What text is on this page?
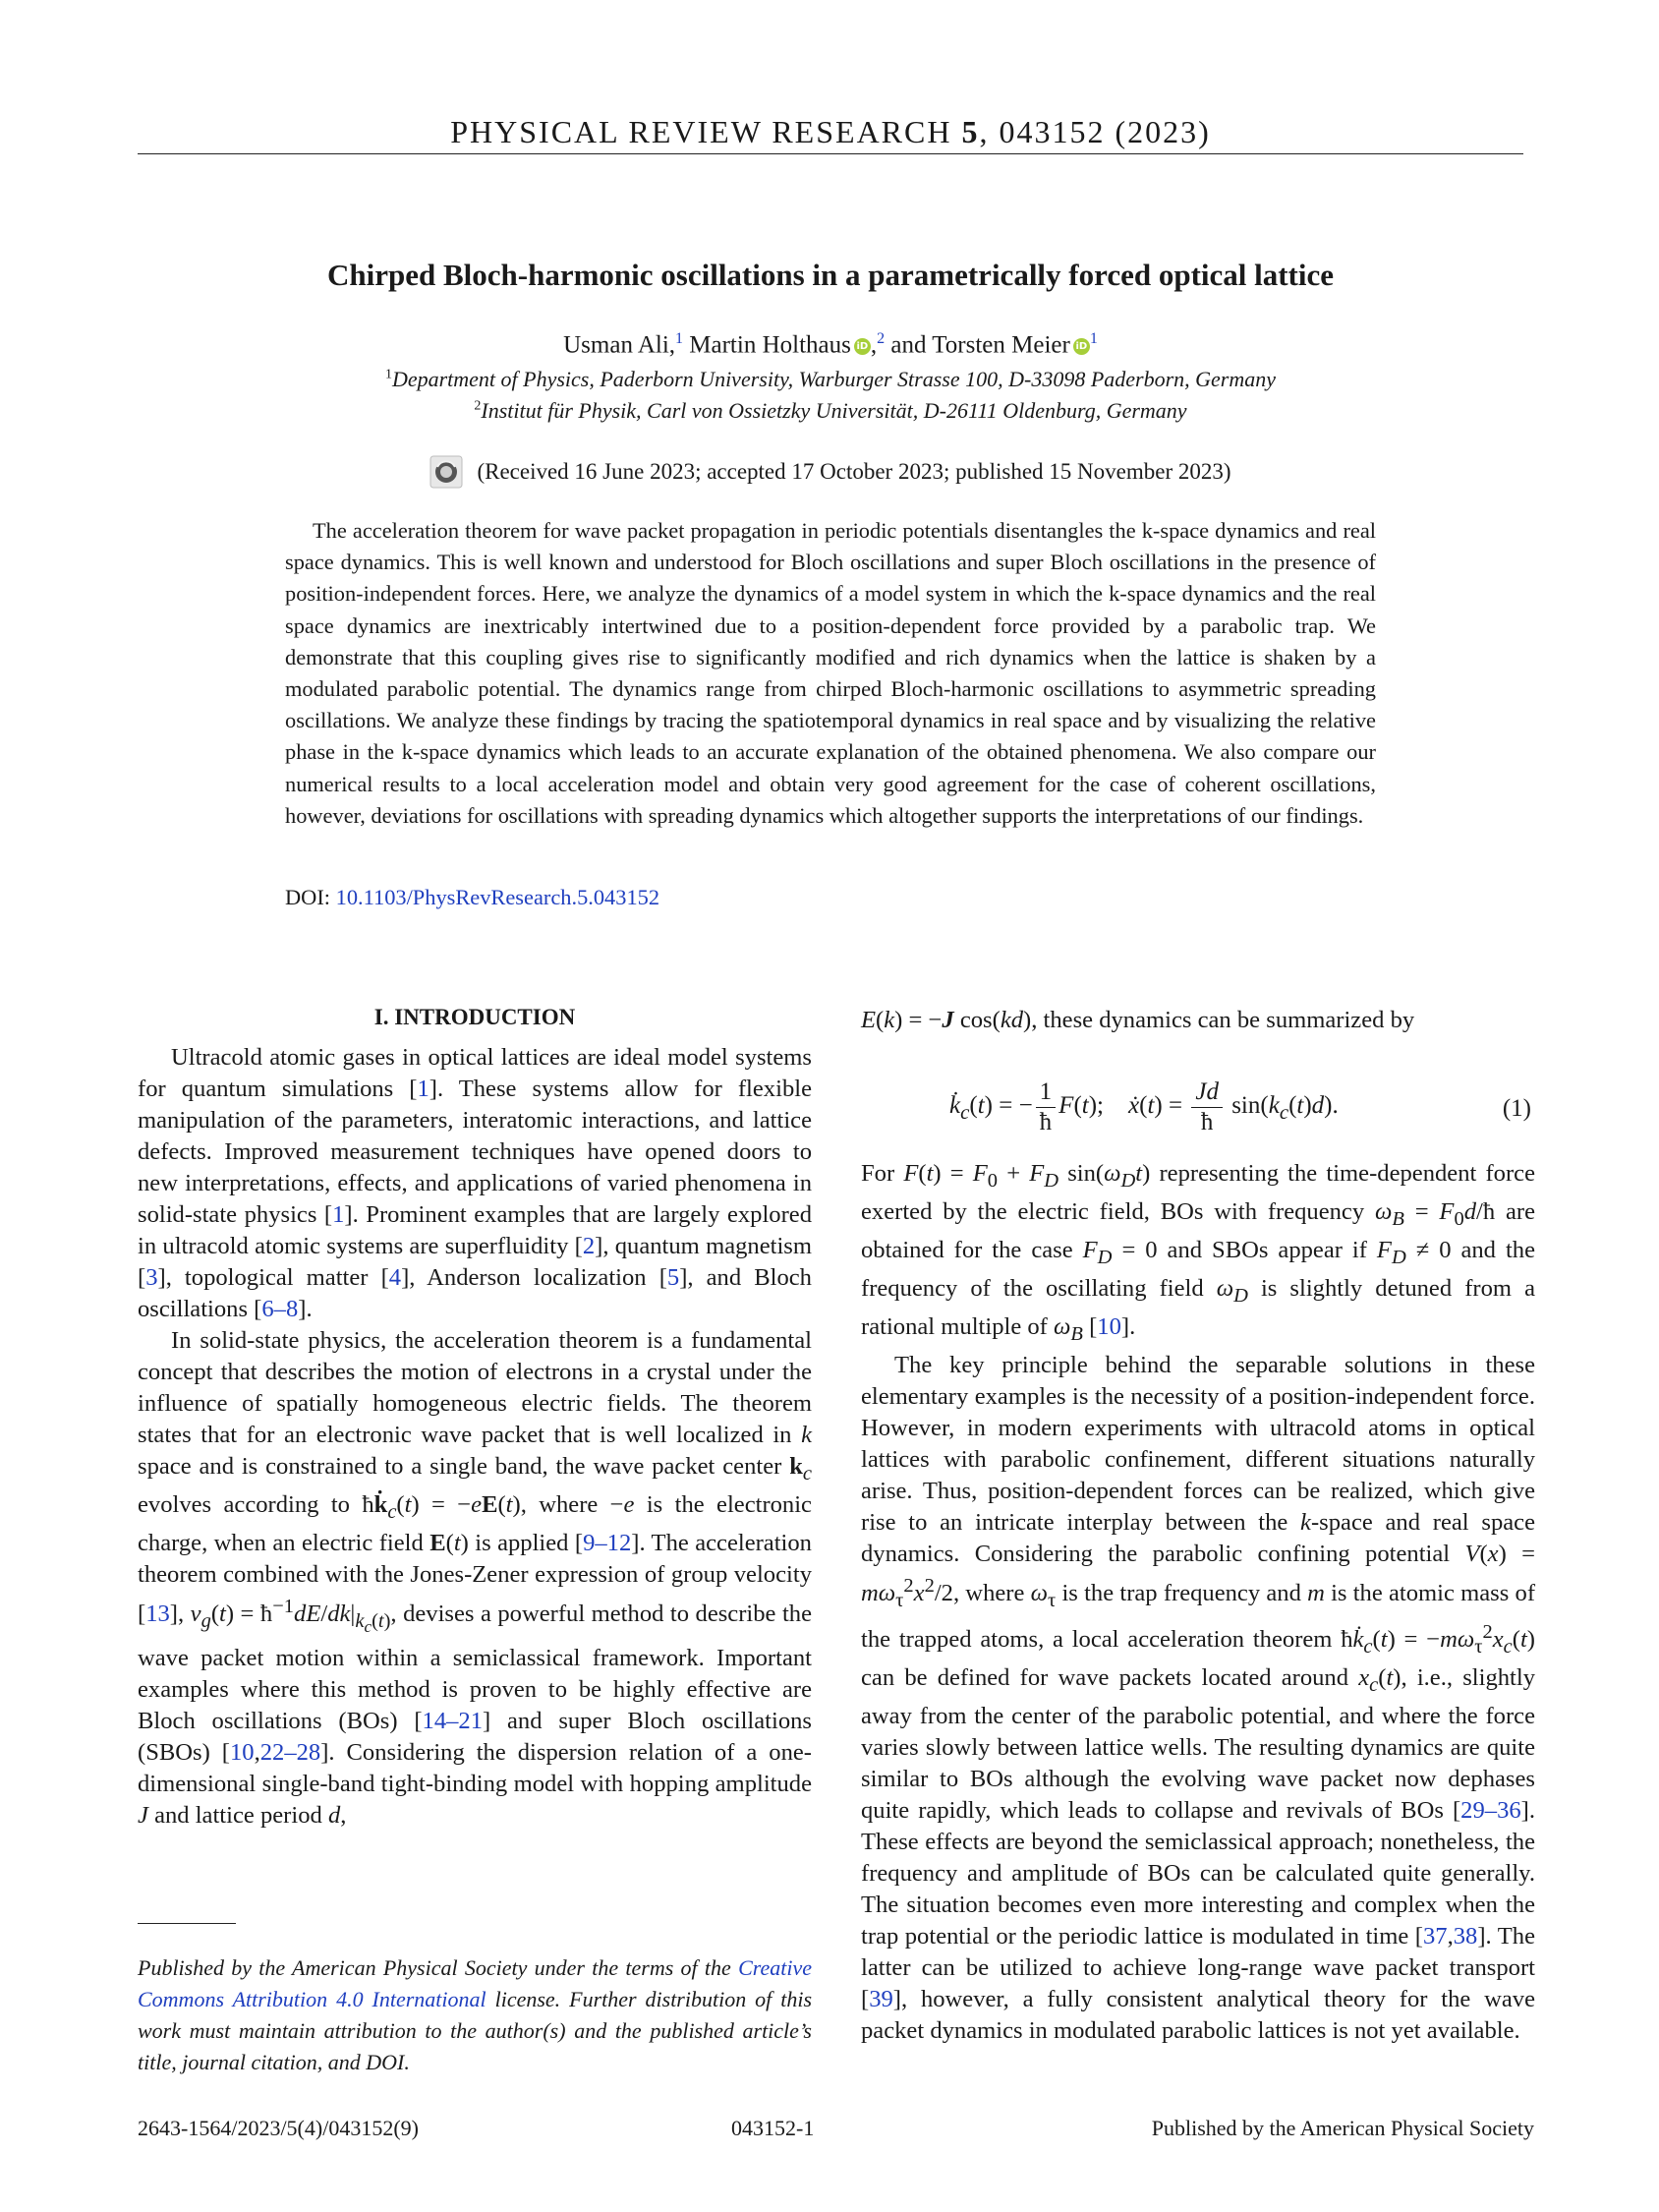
PHYSICAL REVIEW RESEARCH 5, 043152 (2023)
Chirped Bloch-harmonic oscillations in a parametrically forced optical lattice
Usman Ali,$^1$ Martin Holthaus iD ,$^2$ and Torsten Meier iD $^1$
$^1$Department of Physics, Paderborn University, Warburger Strasse 100, D-33098 Paderborn, Germany
$^2$Institut für Physik, Carl von Ossietzky Universität, D-26111 Oldenburg, Germany
(Received 16 June 2023; accepted 17 October 2023; published 15 November 2023)
The acceleration theorem for wave packet propagation in periodic potentials disentangles the k-space dynamics and real space dynamics. This is well known and understood for Bloch oscillations and super Bloch oscillations in the presence of position-independent forces. Here, we analyze the dynamics of a model system in which the k-space dynamics and the real space dynamics are inextricably intertwined due to a position-dependent force provided by a parabolic trap. We demonstrate that this coupling gives rise to significantly modified and rich dynamics when the lattice is shaken by a modulated parabolic potential. The dynamics range from chirped Bloch-harmonic oscillations to asymmetric spreading oscillations. We analyze these findings by tracing the spatiotemporal dynamics in real space and by visualizing the relative phase in the k-space dynamics which leads to an accurate explanation of the obtained phenomena. We also compare our numerical results to a local acceleration model and obtain very good agreement for the case of coherent oscillations, however, deviations for oscillations with spreading dynamics which altogether supports the interpretations of our findings.
DOI: 10.1103/PhysRevResearch.5.043152
I. INTRODUCTION

Ultracold atomic gases in optical lattices are ideal model systems for quantum simulations [1]. These systems allow for flexible manipulation of the parameters, interatomic interactions, and lattice defects. Improved measurement techniques have opened doors to new interpretations, effects, and applications of varied phenomena in solid-state physics [1]. Prominent examples that are largely explored in ultracold atomic systems are superfluidity [2], quantum magnetism [3], topological matter [4], Anderson localization [5], and Bloch oscillations [6–8].

In solid-state physics, the acceleration theorem is a fundamental concept that describes the motion of electrons in a crystal under the influence of spatially homogeneous electric fields. The theorem states that for an electronic wave packet that is well localized in k space and is constrained to a single band, the wave packet center $k_c$ evolves according to $ħk̇_c(t) = -eE(t)$, where −e is the electronic charge, when an electric field E(t) is applied [9–12]. The acceleration theorem combined with the Jones-Zener expression of group velocity [13], $v_g(t)$ = $ħ^{-1}dE/dk|_{k_c(t)}$, devises a powerful method to describe the wave packet motion within a semiclassical framework. Important examples where this method is proven to be highly effective are Bloch oscillations (BOs) [14–21] and super Bloch oscillations (SBOs) [10,22–28]. Considering the dispersion relation of a one-dimensional single-band tight-binding model with hopping amplitude J and lattice period d,

Published by the American Physical Society under the terms of the Creative Commons Attribution 4.0 International license. Further distribution of this work must maintain attribution to the author(s) and the published article’s title, journal citation, and DOI.
E(k) = −J cos(kd), these dynamics can be summarized by
$k̇_c(t)$ = − $\frac{1}{ħ} F(t)$;    ẋ(t) = $\frac{Jd}{ħ} \sin(k_c(t)d)$.	(1)

For $F(t) = F_0 + F_D$ $\sin(\omega_Dt)$ representing the time-dependent force exerted by the electric field, BOs with frequency $\omega_B$ = $F_0d/ħ$ are obtained for the case $F_D = 0$ and SBOs appear if $F_D \ne 0$ and the frequency of the oscillating field $\omega_D$ is slightly detuned from a rational multiple of $\omega_B$ [10].

The key principle behind the separable solutions in these elementary examples is the necessity of a position-independent force. However, in modern experiments with ultracold atoms in optical lattices with parabolic confinement, different situations naturally arise. Thus, position-dependent forces can be realized, which give rise to an intricate interplay between the k-space and real space dynamics. Considering the parabolic confining potential $V(x) = m\omega_\tau^2x^2/2$, where $\omega_\tau$ is the trap frequency and m is the atomic mass of the trapped atoms, a local acceleration theorem $ħk̇_c(t) = -m\omega_\tau^2x_c(t)$ can be defined for wave packets located around $x_c(t)$, i.e., slightly away from the center of the parabolic potential, and where the force varies slowly between lattice wells. The resulting dynamics are quite similar to BOs although the evolving wave packet now dephases quite rapidly, which leads to collapse and revivals of BOs [29–36]. These effects are beyond the semiclassical approach; nonetheless, the frequency and amplitude of BOs can be calculated quite generally. The situation becomes even more interesting and complex when the trap potential or the periodic lattice is modulated in time [37,38]. The latter can be utilized to achieve long-range wave packet transport [39], however, a fully consistent analytical theory for the wave packet dynamics in modulated parabolic lattices is not yet available.

2643-1564/2023/5(4)/043152(9)	043152-1	Published by the American Physical Society
